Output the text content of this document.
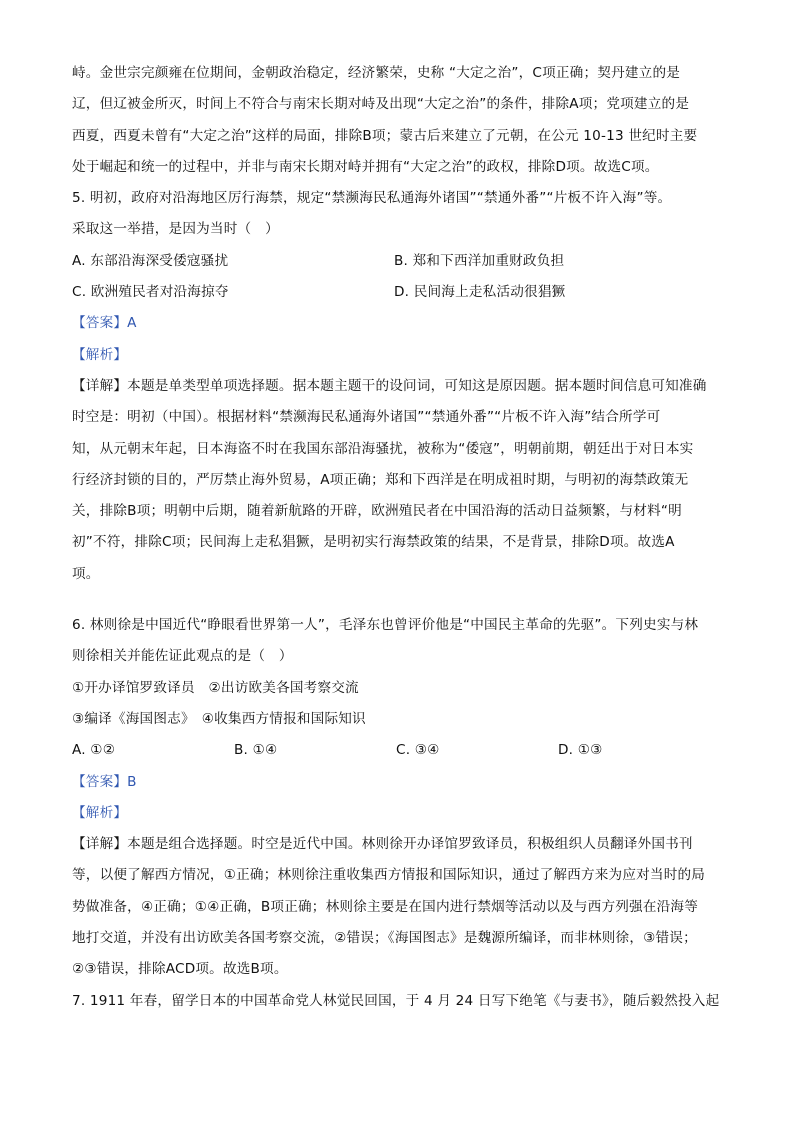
峙。金世宗完颜雍在位期间，金朝政治稳定，经济繁荣，史称 “大定之治”，C项正确；契丹建立的是
辽，但辽被金所灭，时间上不符合与南宋长期对峙及出现“大定之治”的条件，排除A项；党项建立的是
西夏，西夏未曾有“大定之治”这样的局面，排除B项；蒙古后来建立了元朝，在公元 10-13 世纪时主要
处于崛起和统一的过程中，并非与南宋长期对峙并拥有“大定之治”的政权，排除D项。故选C项。
5. 明初，政府对沿海地区厉行海禁，规定“禁濒海民私通海外诸国”“禁通外番”“片板不许入海”等。
采取这一举措，是因为当时（　）
A. 东部沿海深受倭寇骚扰	B. 郑和下西洋加重财政负担
C. 欧洲殖民者对沿海掠夺	D. 民间海上走私活动很猖獗
【答案】A
【解析】
【详解】本题是单类型单项选择题。据本题主题干的设问词，可知这是原因题。据本题时间信息可知准确
时空是：明初（中国）。根据材料“禁濒海民私通海外诸国”“禁通外番”“片板不许入海”结合所学可
知，从元朝末年起，日本海盗不时在我国东部沿海骚扰，被称为“倭寇”，明朝前期，朝廷出于对日本实
行经济封锁的目的，严厉禁止海外贸易，A项正确；郑和下西洋是在明成祖时期，与明初的海禁政策无
关，排除B项；明朝中后期，随着新航路的开辟，欧洲殖民者在中国沿海的活动日益频繁，与材料“明
初”不符，排除C项；民间海上走私猖獗，是明初实行海禁政策的结果，不是背景，排除D项。故选A
项。
6. 林则徐是中国近代“睁眼看世界第一人”，毛泽东也曾评价他是“中国民主革命的先驱”。下列史实与林
则徐相关并能佐证此观点的是（　）
①开办译馆罗致译员　②出访欧美各国考察交流
③编译《海国图志》　④收集西方情报和国际知识
A. ①②	B. ①④	C. ③④	D. ①③
【答案】B
【解析】
【详解】本题是组合选择题。时空是近代中国。林则徐开办译馆罗致译员，积极组织人员翻译外国书刊
等，以便了解西方情况，①正确；林则徐注重收集西方情报和国际知识，通过了解西方来为应对当时的局
势做准备，④正确；①④正确，B项正确；林则徐主要是在国内进行禁烟等活动以及与西方列强在沿海等
地打交道，并没有出访欧美各国考察交流，②错误；《海国图志》是魏源所编译，而非林则徐，③错误；
②③错误，排除ACD项。故选B项。
7. 1911 年春，留学日本的中国革命党人林觉民回国，于 4 月 24 日写下绝笔《与妻书》，随后毅然投入起
